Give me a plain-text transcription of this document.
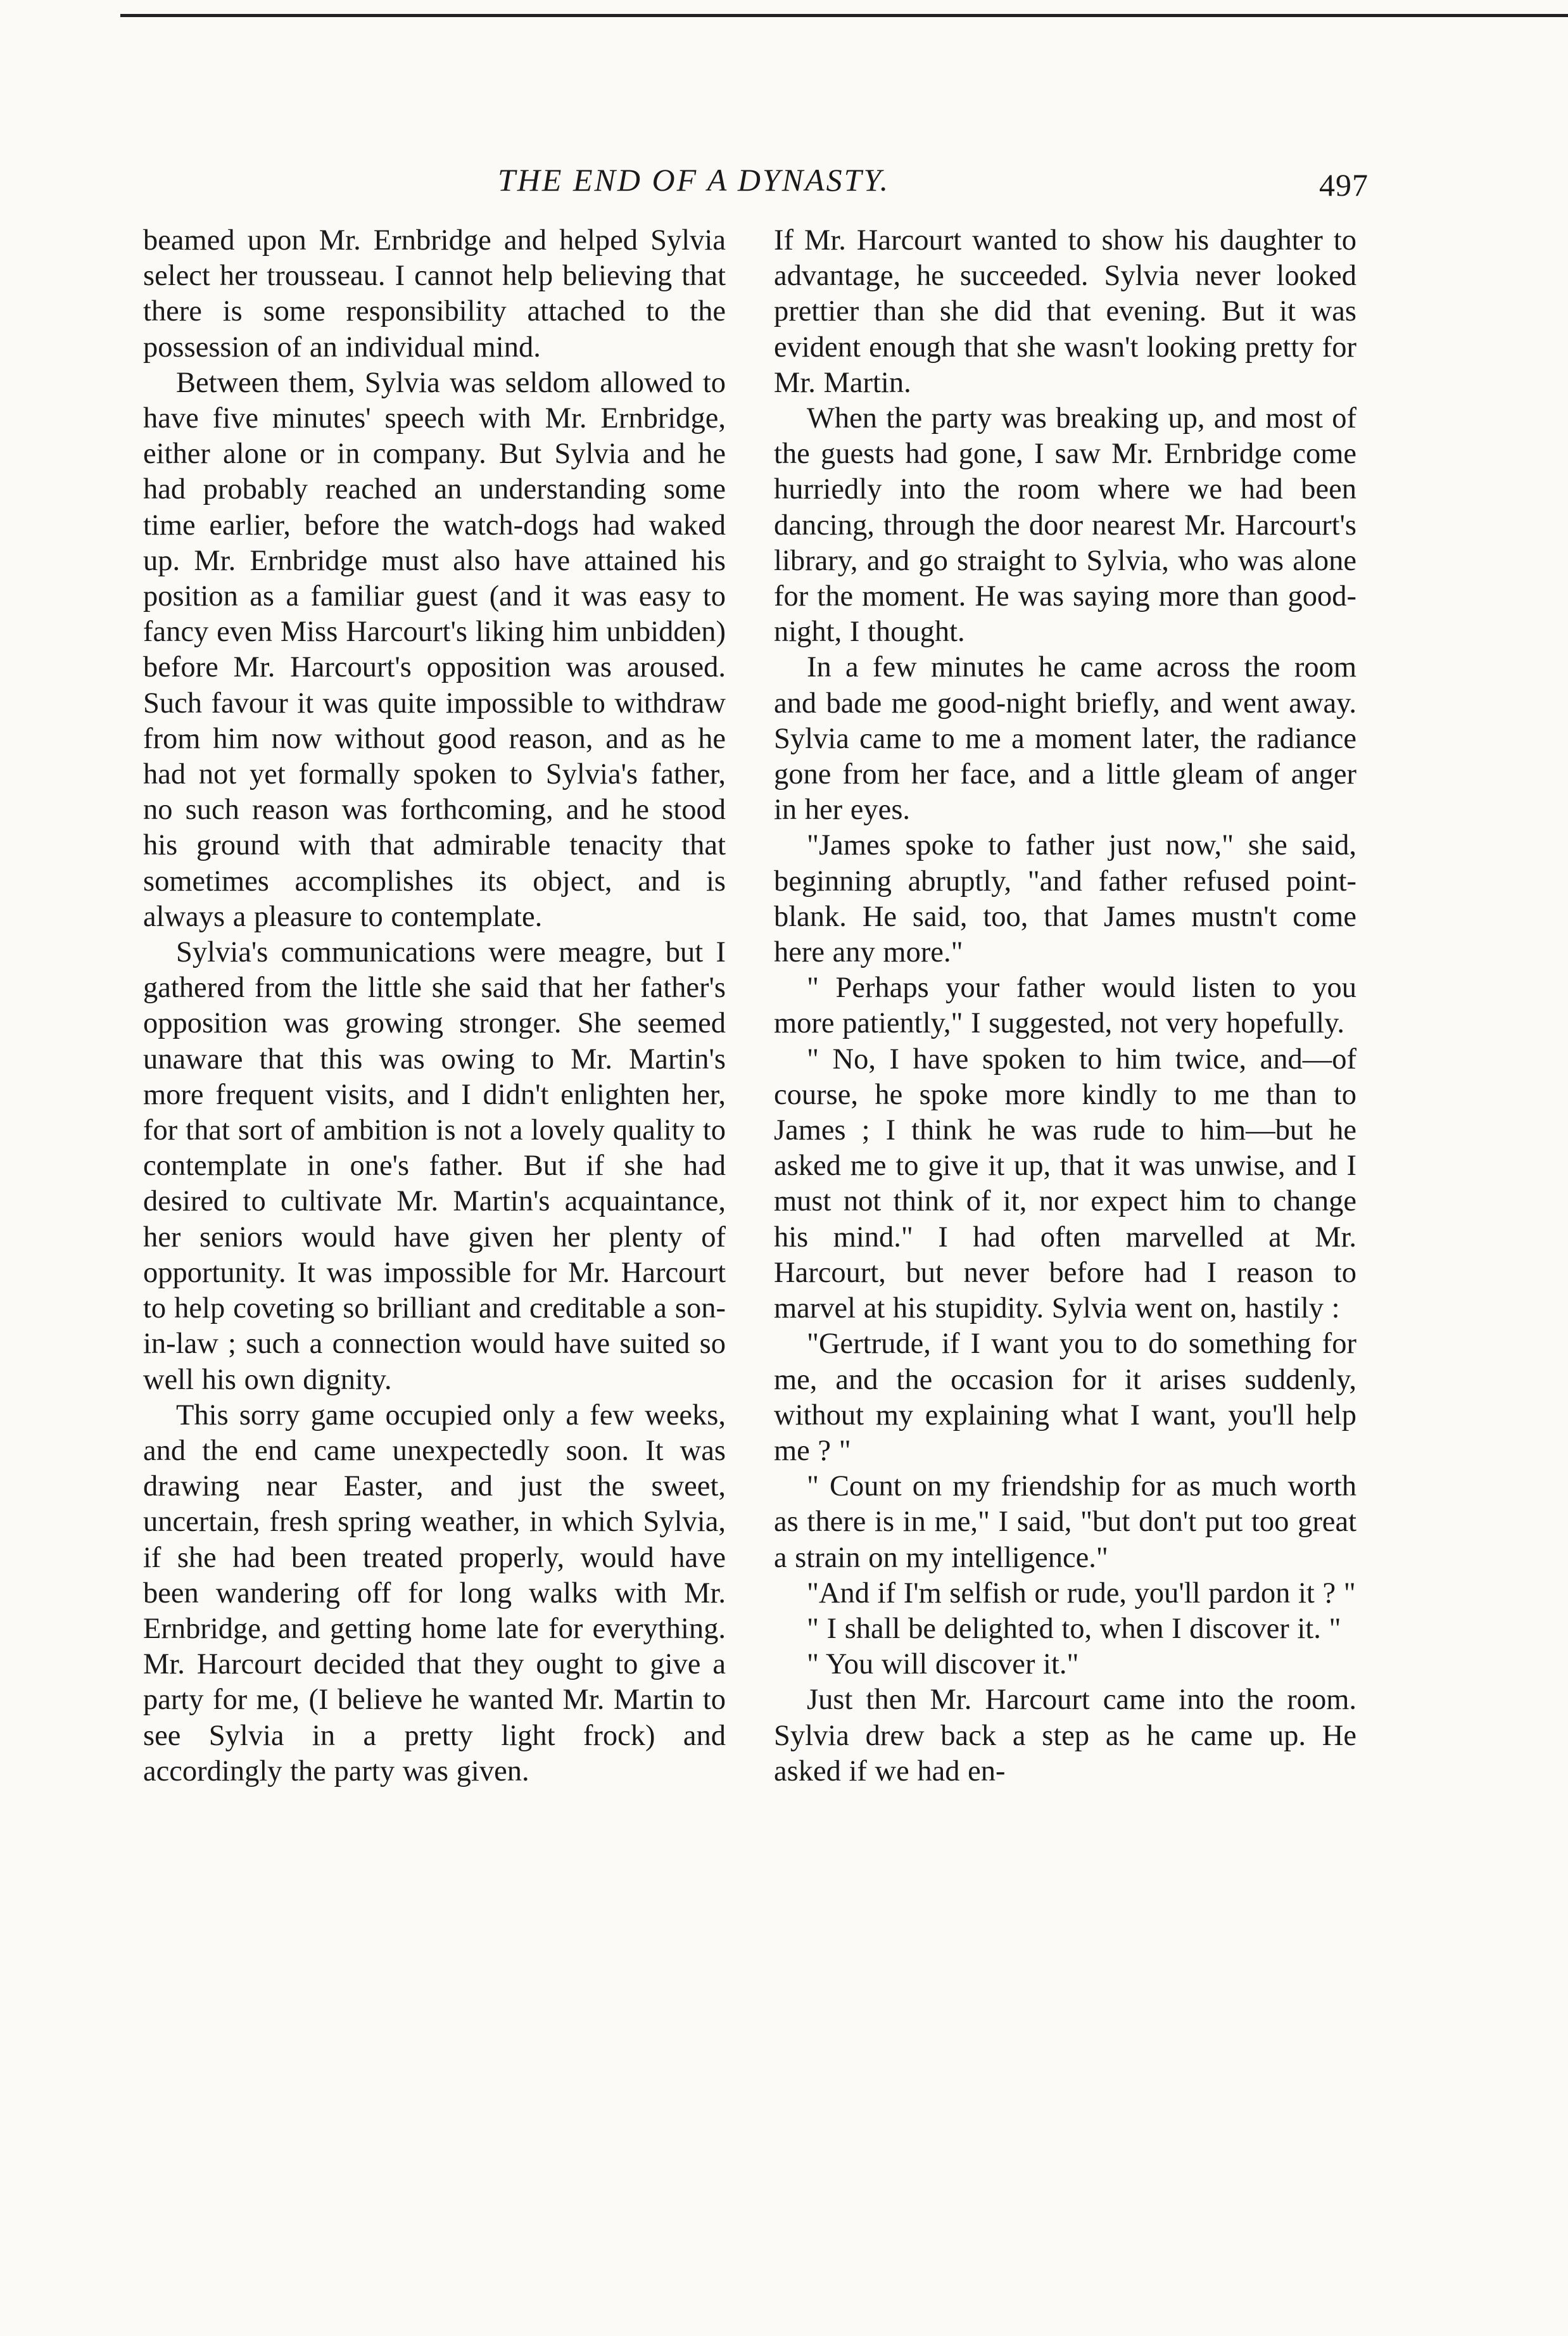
THE END OF A DYNASTY.	497

beamed upon Mr. Ernbridge and helped Sylvia select her trousseau. I cannot help believing that there is some responsibility attached to the possession of an individual mind.

Between them, Sylvia was seldom allowed to have five minutes' speech with Mr. Ernbridge, either alone or in company. But Sylvia and he had probably reached an understanding some time earlier, before the watch-dogs had waked up. Mr. Ernbridge must also have attained his position as a familiar guest (and it was easy to fancy even Miss Harcourt's liking him unbidden) before Mr. Harcourt's opposition was aroused. Such favour it was quite impossible to withdraw from him now without good reason, and as he had not yet formally spoken to Sylvia's father, no such reason was forthcoming, and he stood his ground with that admirable tenacity that sometimes accomplishes its object, and is always a pleasure to contemplate.

Sylvia's communications were meagre, but I gathered from the little she said that her father's opposition was growing stronger. She seemed unaware that this was owing to Mr. Martin's more frequent visits, and I didn't enlighten her, for that sort of ambition is not a lovely quality to contemplate in one's father. But if she had desired to cultivate Mr. Martin's acquaintance, her seniors would have given her plenty of opportunity. It was impossible for Mr. Harcourt to help coveting so brilliant and creditable a son-in-law ; such a connection would have suited so well his own dignity.

This sorry game occupied only a few weeks, and the end came unexpectedly soon. It was drawing near Easter, and just the sweet, uncertain, fresh spring weather, in which Sylvia, if she had been treated properly, would have been wandering off for long walks with Mr. Ernbridge, and getting home late for everything. Mr. Harcourt decided that they ought to give a party for me, (I believe he wanted Mr. Martin to see Sylvia in a pretty light frock) and accordingly the party was given.

If Mr. Harcourt wanted to show his daughter to advantage, he succeeded. Sylvia never looked prettier than she did that evening. But it was evident enough that she wasn't looking pretty for Mr. Martin.

When the party was breaking up, and most of the guests had gone, I saw Mr. Ernbridge come hurriedly into the room where we had been dancing, through the door nearest Mr. Harcourt's library, and go straight to Sylvia, who was alone for the moment. He was saying more than good-night, I thought.

In a few minutes he came across the room and bade me good-night briefly, and went away. Sylvia came to me a moment later, the radiance gone from her face, and a little gleam of anger in her eyes.

"James spoke to father just now," she said, beginning abruptly, "and father refused point-blank. He said, too, that James mustn't come here any more."

" Perhaps your father would listen to you more patiently," I suggested, not very hopefully.

" No, I have spoken to him twice, and—of course, he spoke more kindly to me than to James ; I think he was rude to him—but he asked me to give it up, that it was unwise, and I must not think of it, nor expect him to change his mind." I had often marvelled at Mr. Harcourt, but never before had I reason to marvel at his stupidity. Sylvia went on, hastily :

"Gertrude, if I want you to do something for me, and the occasion for it arises suddenly, without my explaining what I want, you'll help me ? "

" Count on my friendship for as much worth as there is in me," I said, "but don't put too great a strain on my intelligence."

"And if I'm selfish or rude, you'll pardon it ? "

" I shall be delighted to, when I discover it. "

" You will discover it."

Just then Mr. Harcourt came into the room. Sylvia drew back a step as he came up. He asked if we had en-
